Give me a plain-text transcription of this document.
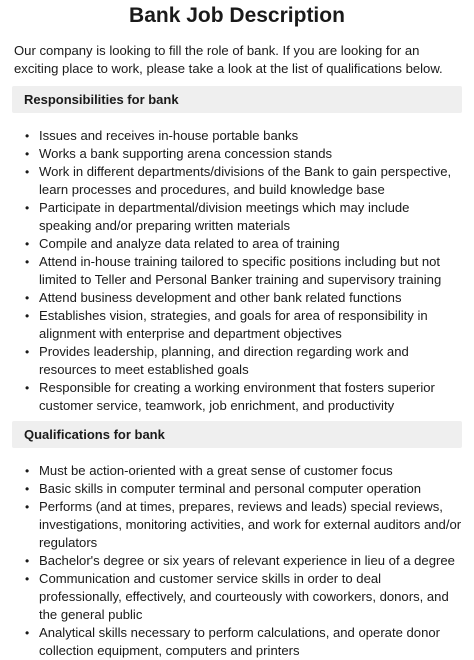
Bank Job Description

Our company is looking to fill the role of bank. If you are looking for an exciting place to work, please take a look at the list of qualifications below.

Responsibilities for bank
• Issues and receives in-house portable banks
• Works a bank supporting arena concession stands
• Work in different departments/divisions of the Bank to gain perspective, learn processes and procedures, and build knowledge base
• Participate in departmental/division meetings which may include speaking and/or preparing written materials
• Compile and analyze data related to area of training
• Attend in-house training tailored to specific positions including but not limited to Teller and Personal Banker training and supervisory training
• Attend business development and other bank related functions
• Establishes vision, strategies, and goals for area of responsibility in alignment with enterprise and department objectives
• Provides leadership, planning, and direction regarding work and resources to meet established goals
• Responsible for creating a working environment that fosters superior customer service, teamwork, job enrichment, and productivity
Qualifications for bank
• Must be action-oriented with a great sense of customer focus
• Basic skills in computer terminal and personal computer operation
• Performs (and at times, prepares, reviews and leads) special reviews, investigations, monitoring activities, and work for external auditors and/or regulators
• Bachelor's degree or six years of relevant experience in lieu of a degree
• Communication and customer service skills in order to deal professionally, effectively, and courteously with coworkers, donors, and the general public
• Analytical skills necessary to perform calculations, and operate donor collection equipment, computers and printers
